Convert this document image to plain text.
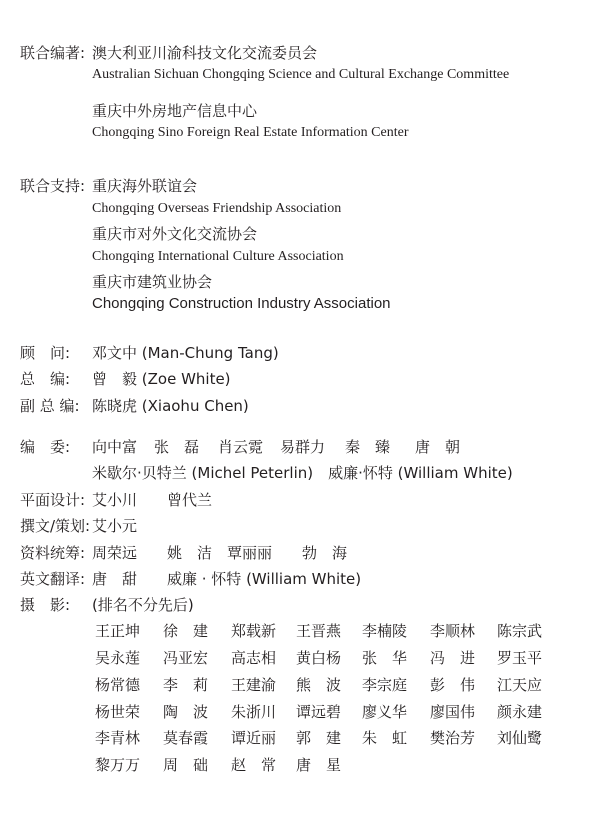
联合编著: 澳大利亚川渝科技文化交流委员会
Australian Sichuan Chongqing Science and Cultural Exchange Committee
重庆中外房地产信息中心
Chongqing Sino Foreign Real Estate Information Center
联合支持: 重庆海外联谊会
Chongqing Overseas Friendship Association
重庆市对外文化交流协会
Chongqing International Culture Association
重庆市建筑业协会
Chongqing Construction Industry Association
顾　问: 邓文中 (Man-Chung Tang)
总　编: 曾　毅 (Zoe White)
副 总 编: 陈晓虎 (Xiaohu Chen)
编　委: 向中富 张　磊 肖云霓 易群力 秦　臻 唐　朝
米歇尔·贝特兰 (Michel Peterlin)　威廉·怀特 (William White)
平面设计: 艾小川　　曾代兰
撰文/策划: 艾小元
资料统筹: 周荣远　　姚　洁　覃丽丽　　勃　海
英文翻译: 唐　甜　　威廉 · 怀特 (William White)
摄　影: (排名不分先后)
王正坤 徐　建 郑载新 王晋燕 李楠陵 李顺林 陈宗武
吴永莲 冯亚宏 高志相 黄白杨 张　华 冯　进 罗玉平
杨常德 李　莉 王建渝 熊　波 李宗庭 彭　伟 江天应
杨世荣 陶　波 朱浙川 谭远碧 廖义华 廖国伟 颜永建
李青林 莫春霞 谭近丽 郭　建 朱　虹 樊治芳 刘仙鹭
黎万万 周　础 赵　常 唐　星
